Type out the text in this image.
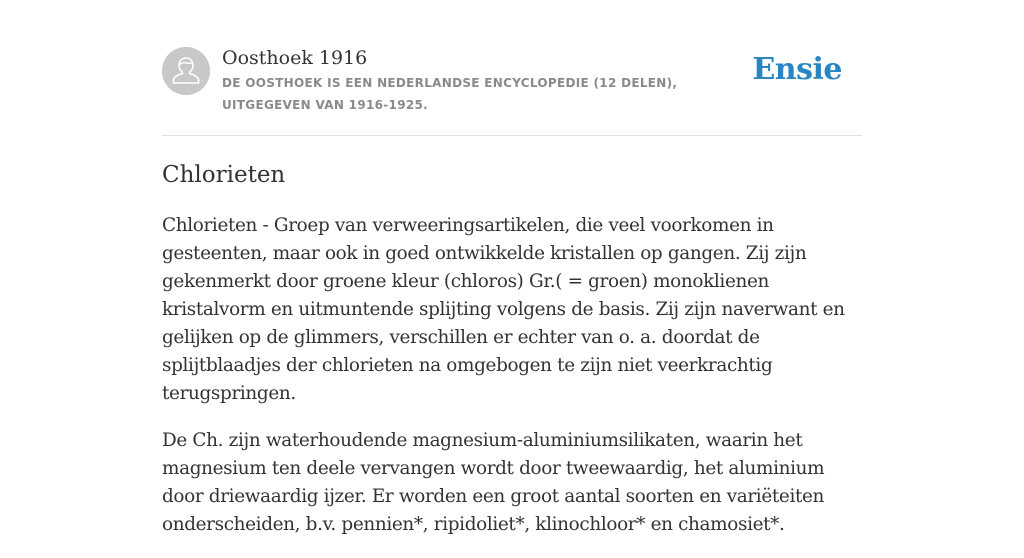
Oosthoek 1916

DE OOSTHOEK IS EEN NEDERLANDSE ENCYCLOPEDIE (12 DELEN), UITGEGEVEN VAN 1916-1925.

Ensie
Chlorieten

Chlorieten - Groep van verweeringsartikelen, die veel voorkomen in gesteenten, maar ook in goed ontwikkelde kristallen op gangen. Zij zijn gekenmerkt door groene kleur (chloros) Gr.( = groen) monoklienen kristalvorm en uitmuntende splijting volgens de basis. Zij zijn naverwant en gelijken op de glimmers, verschillen er echter van o. a. doordat de splijtblaadjes der chlorieten na omgebogen te zijn niet veerkrachtig terugspringen.

De Ch. zijn waterhoudende magnesium-aluminiumsilikaten, waarin het magnesium ten deele vervangen wordt door tweewaardig, het aluminium door driewaardig ijzer. Er worden een groot aantal soorten en variëteiten onderscheiden, b.v. pennien*, ripidoliet*, klinochloor* en chamosiet*.
